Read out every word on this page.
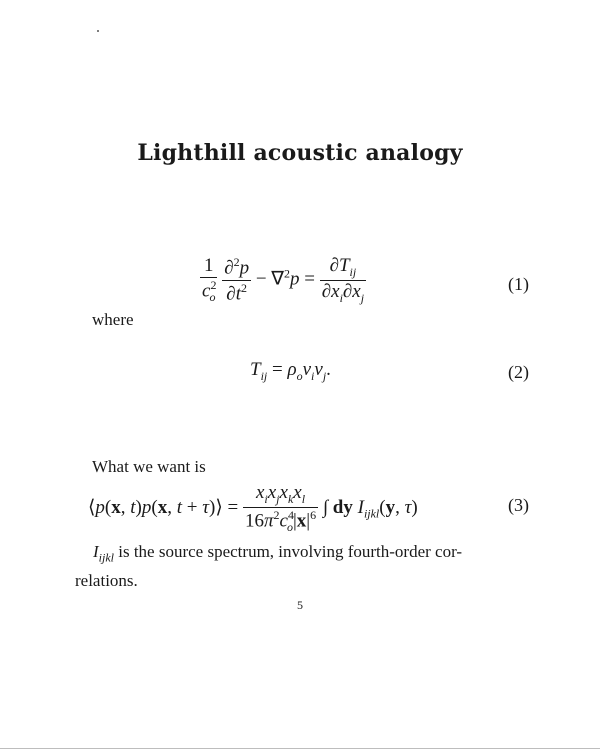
Lighthill acoustic analogy
$\frac{1}{c^2_o}$
$\frac{\partial^2p}{\partial t^2} - \nabla^2p = \frac{\partial T_{ij}}{\partial x_i\partial x_j}$	(1)
where
$T_{ij} = \rho_ov_iv_j$.	(2)
What we want is
⟨p(x, t)p(x, t + τ)⟩ = $\frac{x_ix_jx_kx_l}{16\pi^2c^4_o|x|^6}$ ∫ dy $I_{ijkl}(y$, τ)	(3)
$I_{ijkl}$ is the source spectrum, involving fourth-order cor-
relations.
5
